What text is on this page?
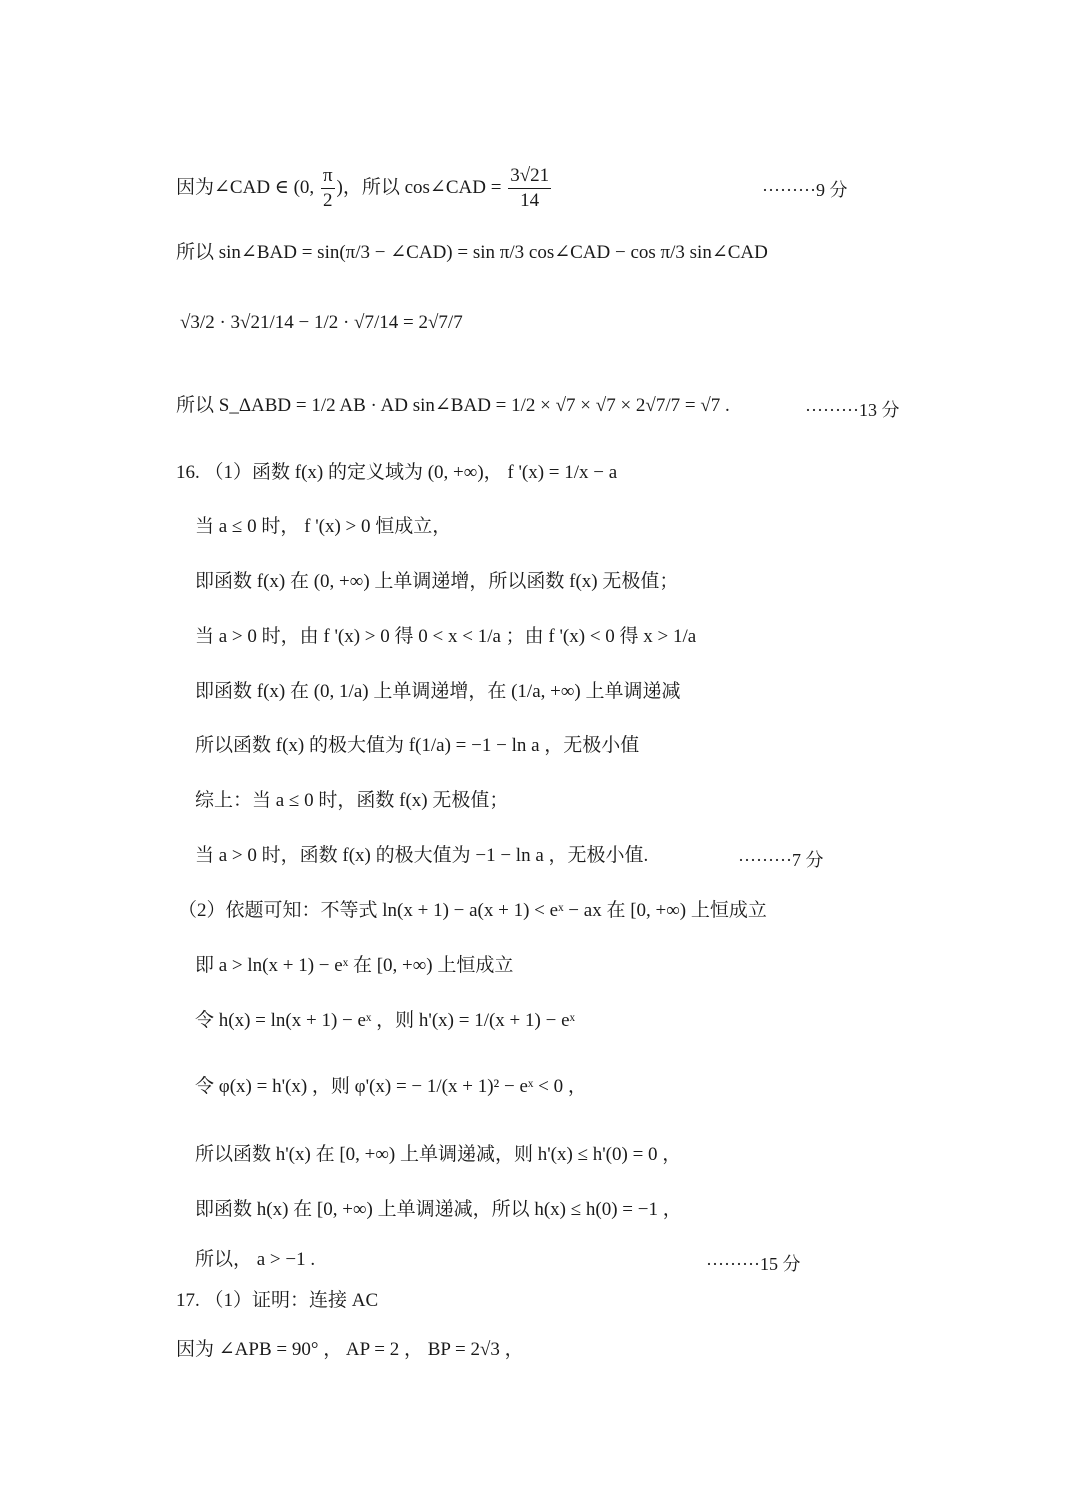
因为∠CAD ∈ (0, $\frac{\pi}{2}$ )，所以 cos∠CAD = $\frac{3√21}{14}$	·········9 分
所以 sin∠BAD = sin(π/3 − ∠CAD) = sin π/3 cos∠CAD − cos π/3 sin∠CAD
√3/2 · 3√21/14 − 1/2 · √7/14 = 2√7/7
所以 S_ΔABD = 1/2 AB · AD sin∠BAD = 1/2 × √7 × √7 × 2√7/7 = √7 .	·········13 分
16. （1）函数 f(x) 的定义域为 (0, +∞)， f '(x) = 1/x − a
当 a ≤ 0 时， f '(x) > 0 恒成立，
即函数 f(x) 在 (0, +∞) 上单调递增，所以函数 f(x) 无极值；
当 a > 0 时，由 f '(x) > 0 得 0 < x < 1/a ；由 f '(x) < 0 得 x > 1/a
即函数 f(x) 在 (0, 1/a) 上单调递增，在 (1/a, +∞) 上单调递减
所以函数 f(x) 的极大值为 f(1/a) = −1 − ln a ，无极小值
综上：当 a ≤ 0 时，函数 f(x) 无极值；
当 a > 0 时，函数 f(x) 的极大值为 −1 − ln a ，无极小值.	·········7 分
（2）依题可知：不等式 ln(x + 1) − a(x + 1) < eˣ − ax 在 [0, +∞) 上恒成立
即 a > ln(x + 1) − eˣ 在 [0, +∞) 上恒成立
令 h(x) = ln(x + 1) − eˣ ，则 h'(x) = 1/(x + 1) − eˣ
令 φ(x) = h'(x) ，则 φ'(x) = − 1/(x + 1)² − eˣ < 0 ，
所以函数 h'(x) 在 [0, +∞) 上单调递减，则 h'(x) ≤ h'(0) = 0 ，
即函数 h(x) 在 [0, +∞) 上单调递减，所以 h(x) ≤ h(0) = −1 ，
所以， a > −1 .	·········15 分
17. （1）证明：连接 AC
因为 ∠APB = 90° ， AP = 2 ， BP = 2√3 ，
